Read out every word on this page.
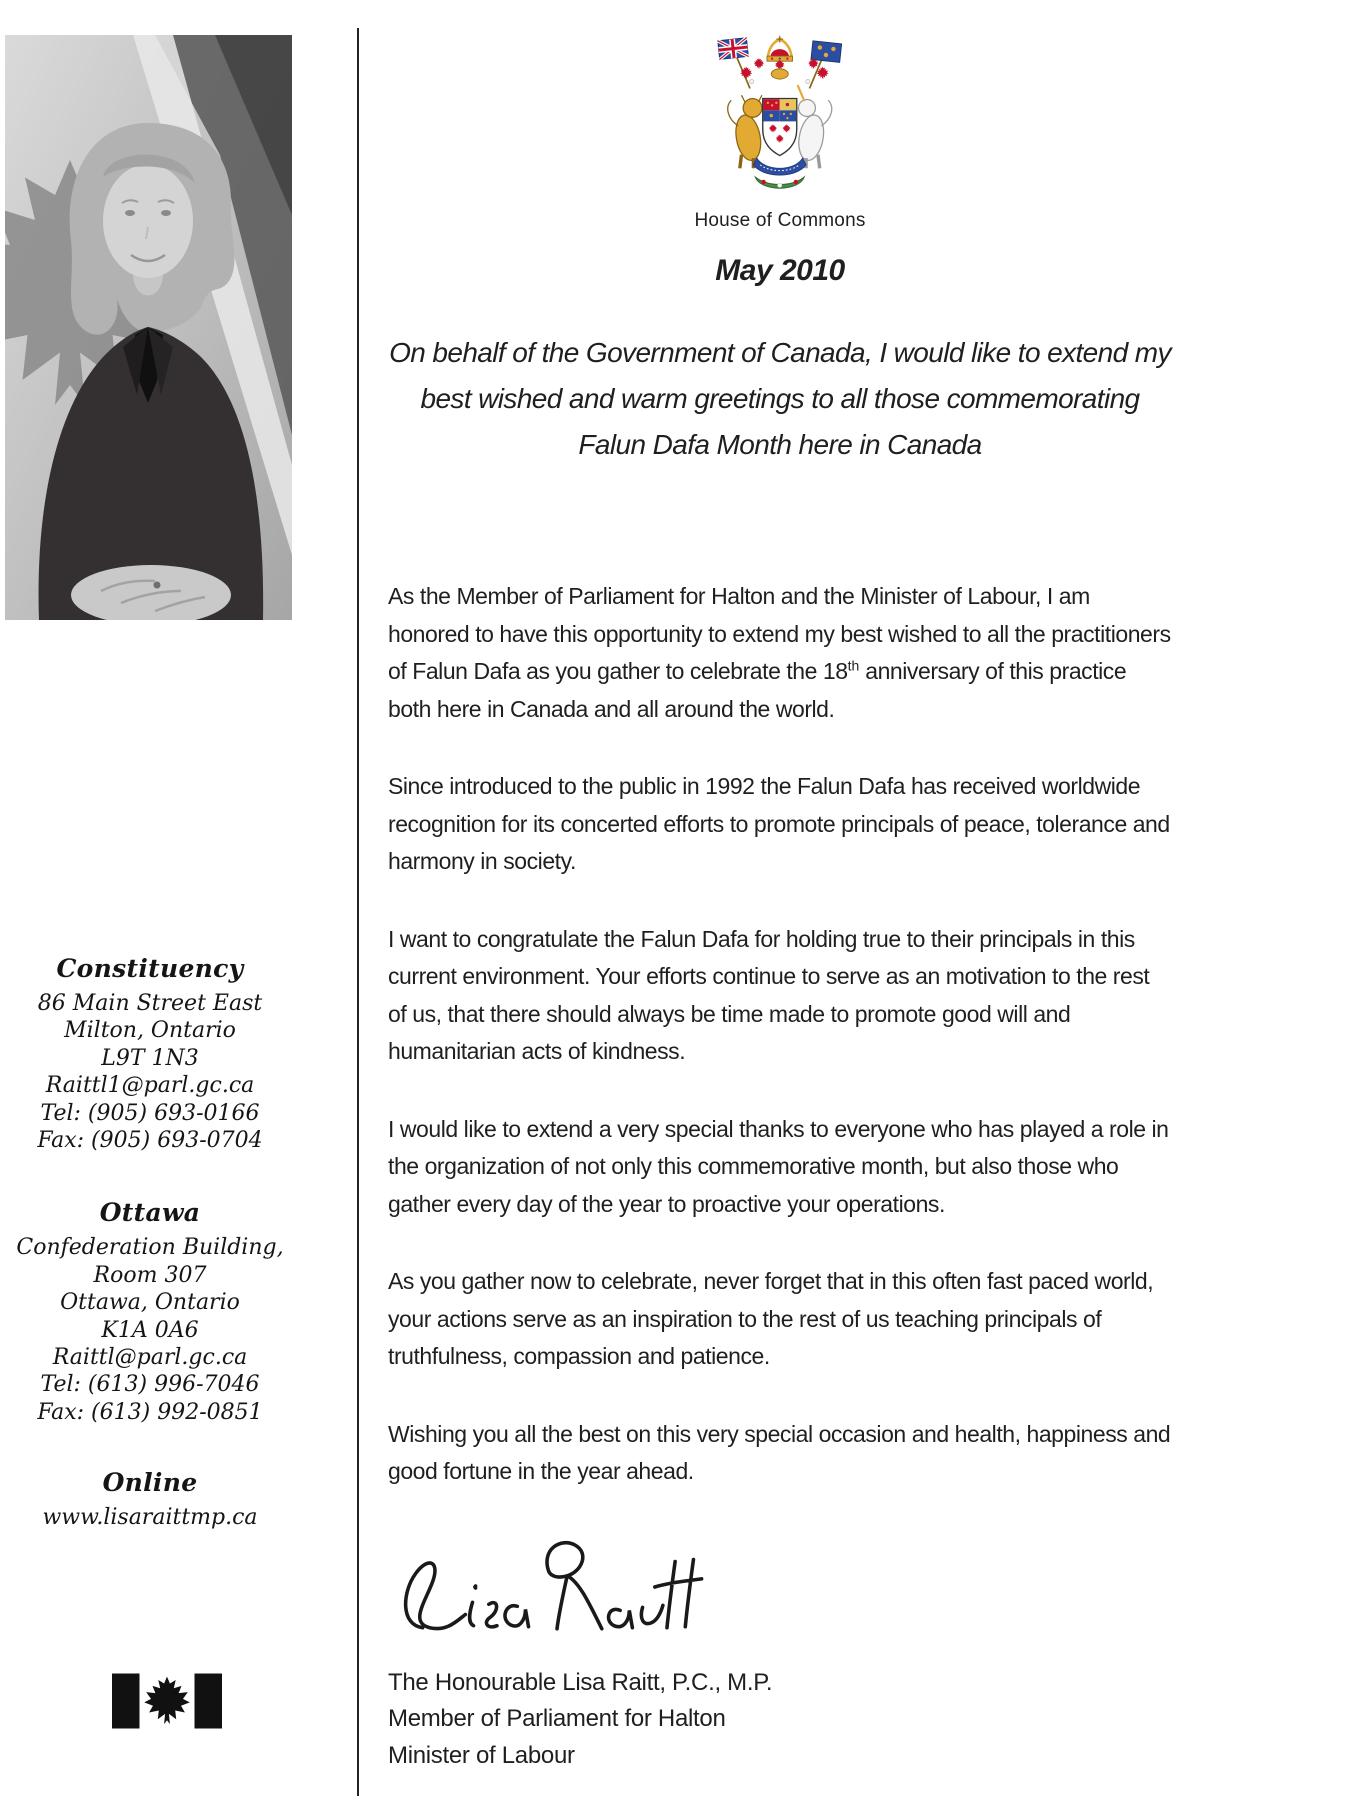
Constituency
86 Main Street East
Milton, Ontario
L9T 1N3
Raittl1@parl.gc.ca
Tel: (905) 693-0166
Fax: (905) 693-0704
Ottawa
Confederation Building,
Room 307
Ottawa, Ontario
K1A 0A6
Raittl@parl.gc.ca
Tel: (613) 996-7046
Fax: (613) 992-0851
Online
www.lisaraittmp.ca
House of Commons
May 2010
On behalf of the Government of Canada, I would like to extend my best wished and warm greetings to all those commemorating Falun Dafa Month here in Canada

As the Member of Parliament for Halton and the Minister of Labour, I am honored to have this opportunity to extend my best wished to all the practitioners of Falun Dafa as you gather to celebrate the 18th anniversary of this practice both here in Canada and all around the world.

Since introduced to the public in 1992 the Falun Dafa has received worldwide recognition for its concerted efforts to promote principals of peace, tolerance and harmony in society.

I want to congratulate the Falun Dafa for holding true to their principals in this current environment. Your efforts continue to serve as an motivation to the rest of us, that there should always be time made to promote good will and humanitarian acts of kindness.

I would like to extend a very special thanks to everyone who has played a role in the organization of not only this commemorative month, but also those who gather every day of the year to proactive your operations.

As you gather now to celebrate, never forget that in this often fast paced world, your actions serve as an inspiration to the rest of us teaching principals of truthfulness, compassion and patience.

Wishing you all the best on this very special occasion and health, happiness and good fortune in the year ahead.

The Honourable Lisa Raitt, P.C., M.P.
Member of Parliament for Halton
Minister of Labour
